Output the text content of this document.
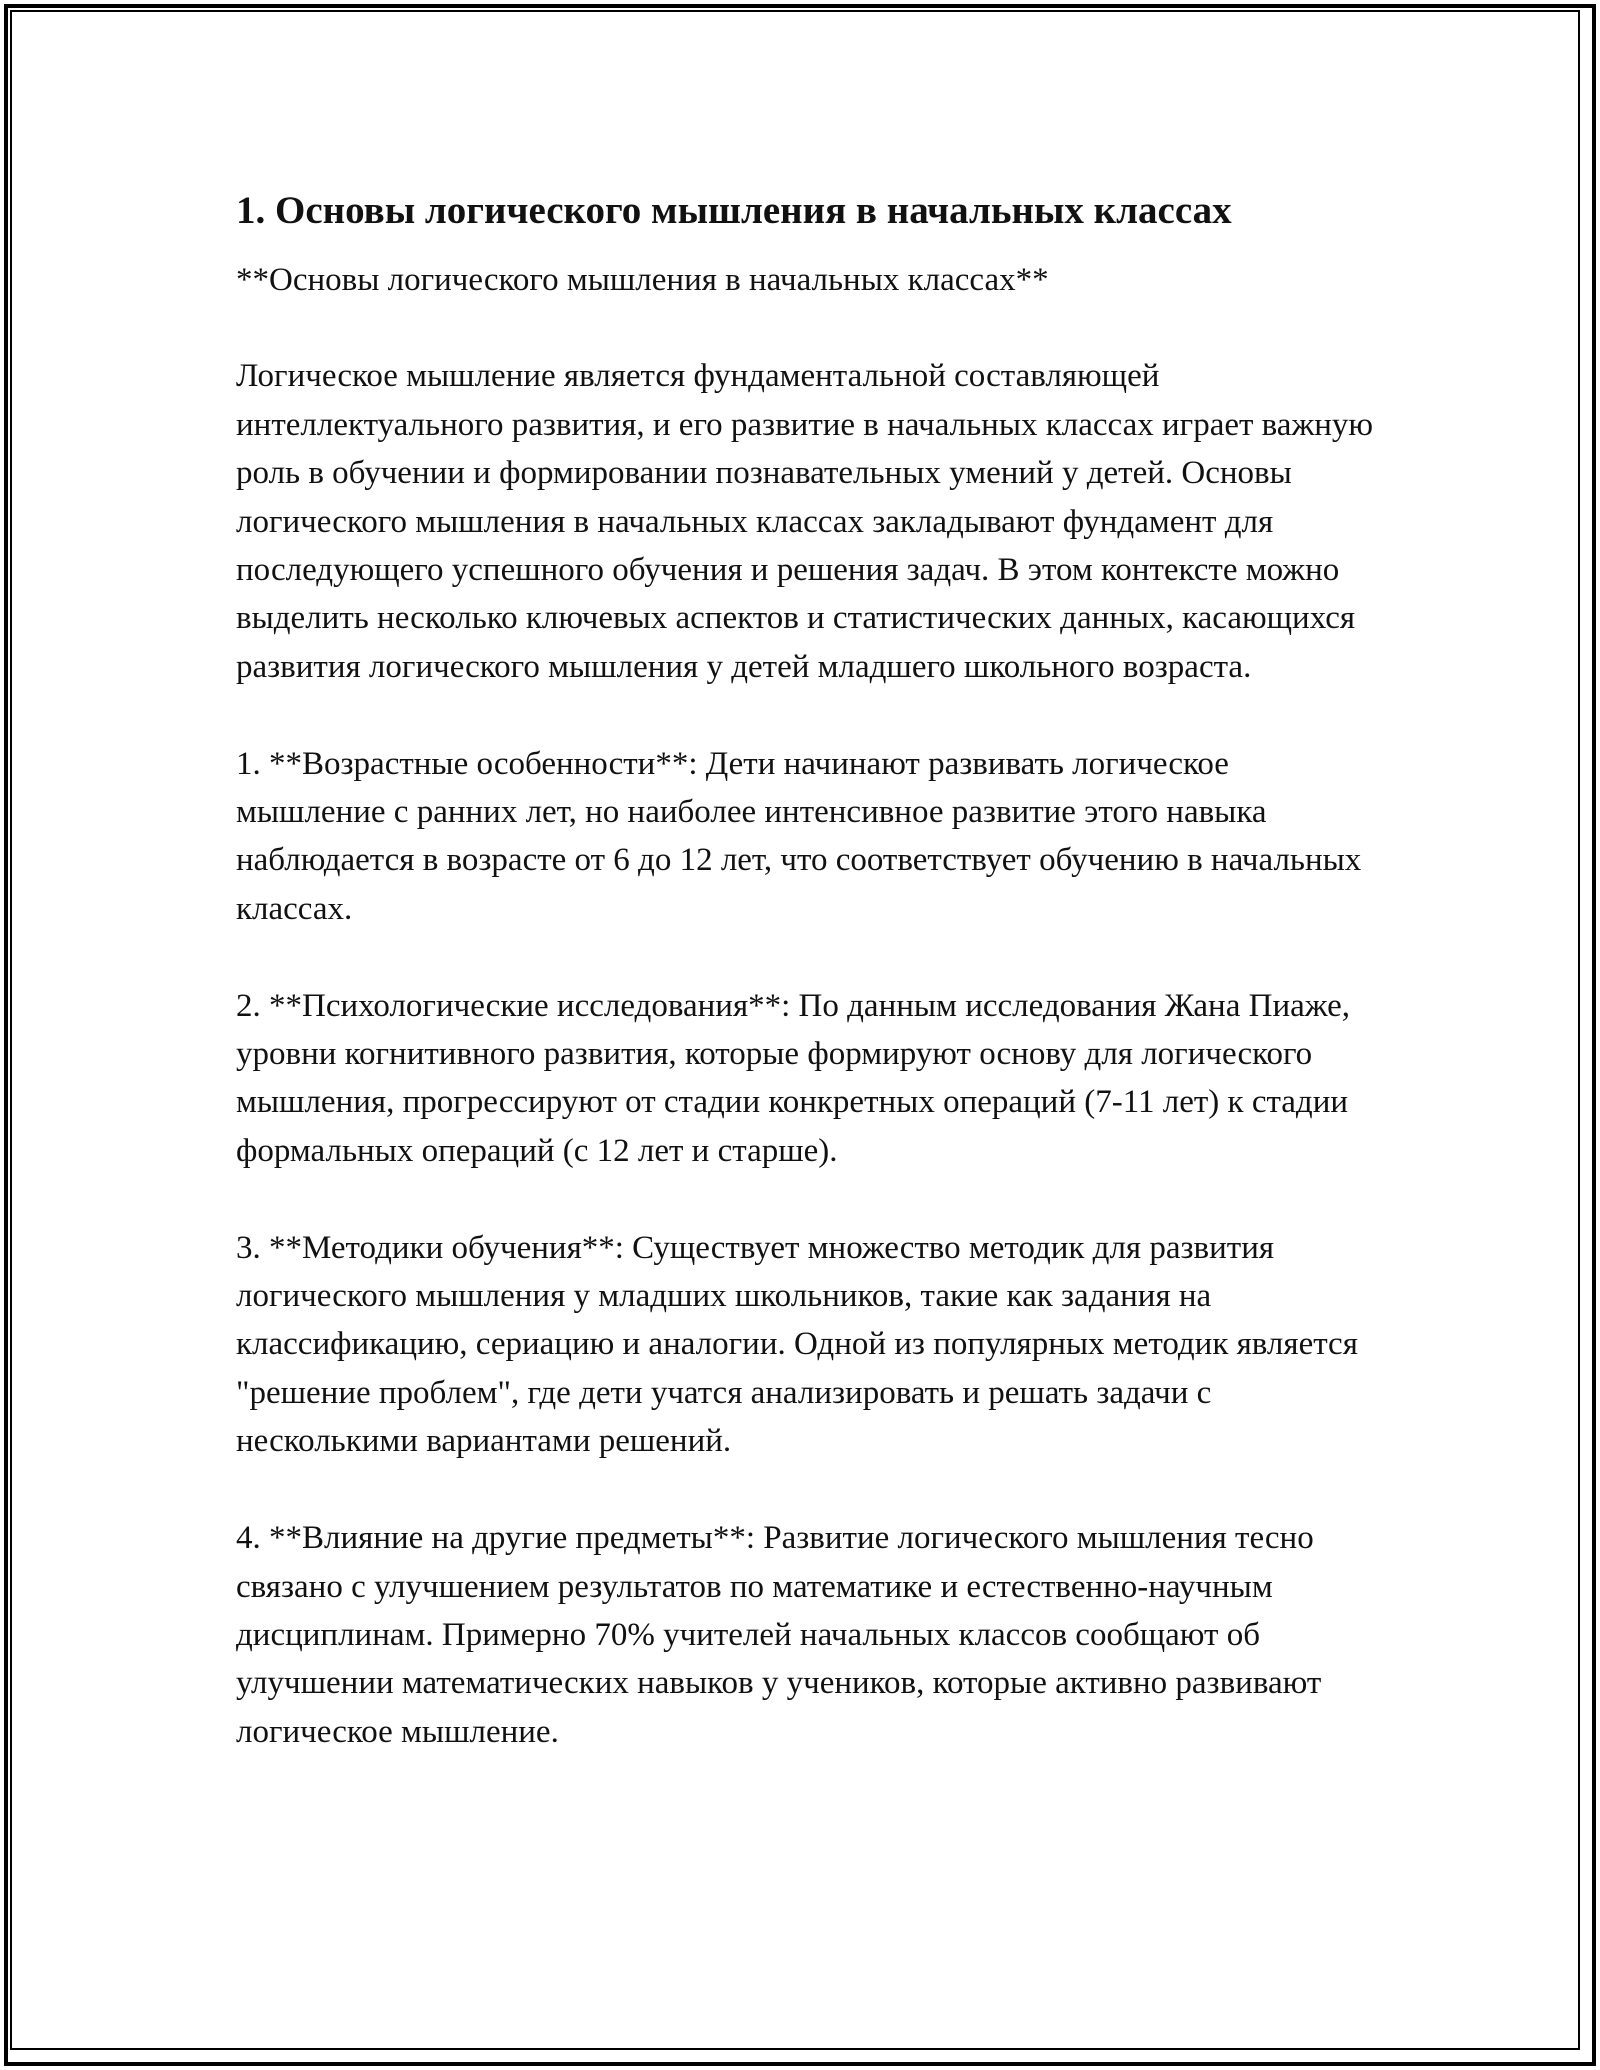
1. Основы логического мышления в начальных классах

**Основы логического мышления в начальных классах**

Логическое мышление является фундаментальной составляющей интеллектуального развития, и его развитие в начальных классах играет важную роль в обучении и формировании познавательных умений у детей. Основы логического мышления в начальных классах закладывают фундамент для последующего успешного обучения и решения задач. В этом контексте можно выделить несколько ключевых аспектов и статистических данных, касающихся развития логического мышления у детей младшего школьного возраста.

1. **Возрастные особенности**: Дети начинают развивать логическое мышление с ранних лет, но наиболее интенсивное развитие этого навыка наблюдается в возрасте от 6 до 12 лет, что соответствует обучению в начальных классах.

2. **Психологические исследования**: По данным исследования Жана Пиаже, уровни когнитивного развития, которые формируют основу для логического мышления, прогрессируют от стадии конкретных операций (7-11 лет) к стадии формальных операций (с 12 лет и старше).

3. **Методики обучения**: Существует множество методик для развития логического мышления у младших школьников, такие как задания на классификацию, сериацию и аналогии. Одной из популярных методик является "решение проблем", где дети учатся анализировать и решать задачи с несколькими вариантами решений.

4. **Влияние на другие предметы**: Развитие логического мышления тесно связано с улучшением результатов по математике и естественно-научным дисциплинам. Примерно 70% учителей начальных классов сообщают об улучшении математических навыков у учеников, которые активно развивают логическое мышление.
